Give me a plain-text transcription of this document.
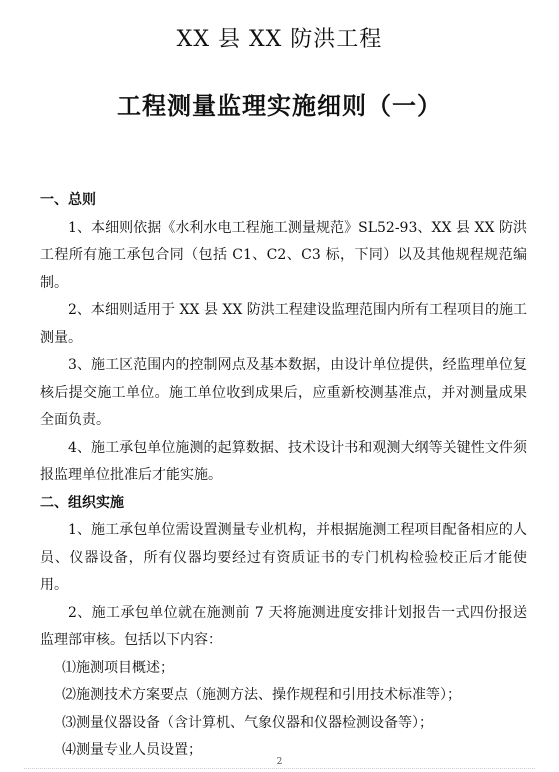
XX 县 XX 防洪工程
工程测量监理实施细则（一）

一、总则

1、本细则依据《水利水电工程施工测量规范》SL52-93、XX 县 XX 防洪工程所有施工承包合同（包括 C1、C2、C3 标，下同）以及其他规程规范编制。

2、本细则适用于 XX 县 XX 防洪工程建设监理范围内所有工程项目的施工测量。

3、施工区范围内的控制网点及基本数据，由设计单位提供，经监理单位复核后提交施工单位。施工单位收到成果后，应重新校测基准点，并对测量成果全面负责。

4、施工承包单位施测的起算数据、技术设计书和观测大纲等关键性文件须报监理单位批准后才能实施。

二、组织实施

1、施工承包单位需设置测量专业机构，并根据施测工程项目配备相应的人员、仪器设备，所有仪器均要经过有资质证书的专门机构检验校正后才能使用。

2、施工承包单位就在施测前 7 天将施测进度安排计划报告一式四份报送监理部审核。包括以下内容：

⑴施测项目概述；

⑵施测技术方案要点（施测方法、操作规程和引用技术标准等）；

⑶测量仪器设备（含计算机、气象仪器和仪器检测设备等）；

⑷测量专业人员设置；

2
